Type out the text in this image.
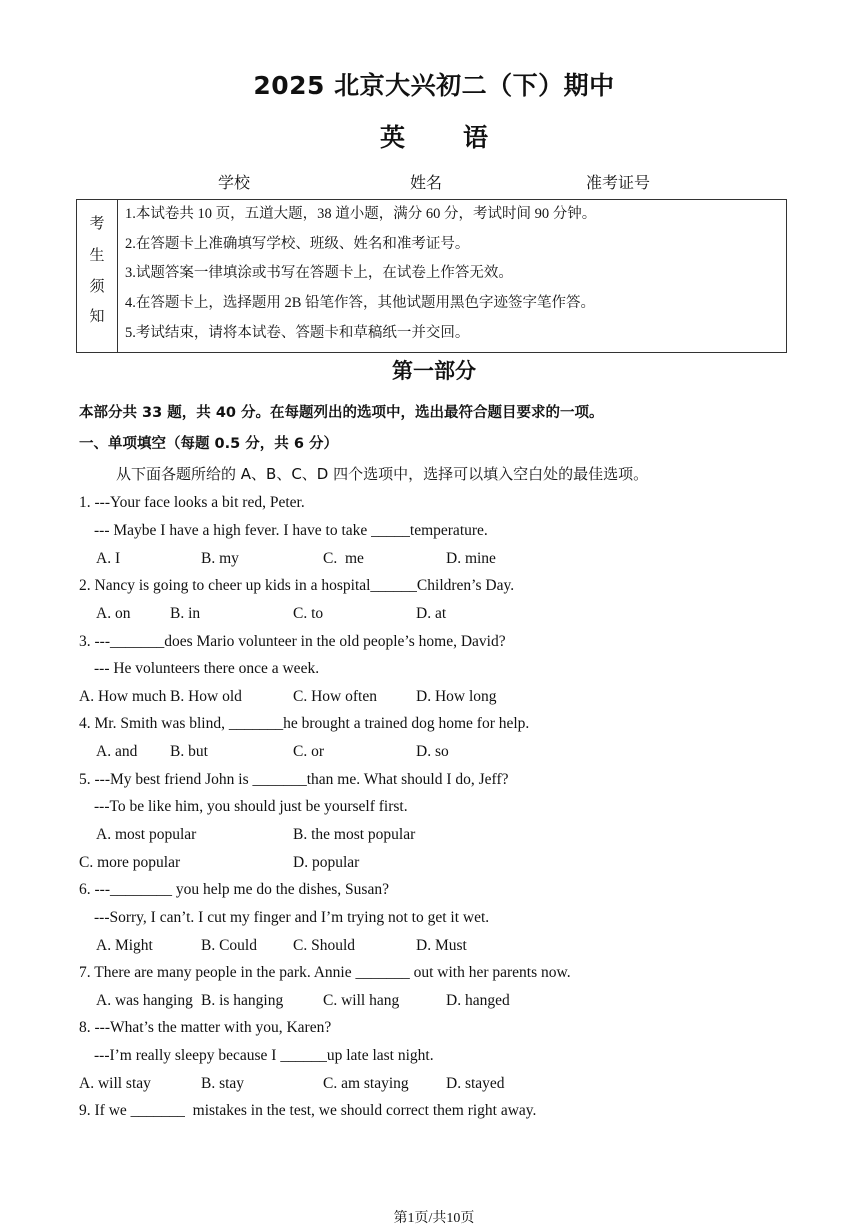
2025 北京大兴初二（下）期中
英语
学校	姓名	准考证号
考
生
须
知
1.本试卷共 10 页，五道大题，38 道小题，满分 60 分，考试时间 90 分钟。
2.在答题卡上准确填写学校、班级、姓名和准考证号。
3.试题答案一律填涂或书写在答题卡上，在试卷上作答无效。
4.在答题卡上，选择题用 2B 铅笔作答，其他试题用黑色字迹签字笔作答。
5.考试结束，请将本试卷、答题卡和草稿纸一并交回。
第一部分
本部分共 33 题，共 40 分。在每题列出的选项中，选出最符合题目要求的一项。
一、单项填空（每题 0.5 分，共 6 分）
从下面各题所给的 A、B、C、D 四个选项中，选择可以填入空白处的最佳选项。
1. ---Your face looks a bit red, Peter.
--- Maybe I have a high fever. I have to take _____temperature.
A. I	B. my	C.  me	D. mine
2. Nancy is going to cheer up kids in a hospital______Children’s Day.
A. on	B. in	C. to	D. at
3. ---_______does Mario volunteer in the old people’s home, David?
--- He volunteers there once a week.
A. How much B. How old	C. How often	D. How long
4. Mr. Smith was blind, _______he brought a trained dog home for help.
A. and B. but	C. or	D. so
5. ---My best friend John is _______than me. What should I do, Jeff?
---To be like him, you should just be yourself first.
A. most popular	B. the most popular
C. more popular	D. popular
6. ---________ you help me do the dishes, Susan?
---Sorry, I can’t. I cut my finger and I’m trying not to get it wet.
A. Might	B. Could C. Should	D. Must
7. There are many people in the park. Annie _______ out with her parents now.
A. was hanging B. is hanging	C. will hang	D. hanged
8. ---What’s the matter with you, Karen?
---I’m really sleepy because I ______up late last night.
A. will stay	B. stay	C. am staying D. stayed
9. If we _______  mistakes in the test, we should correct them right away.
第1页/共10页
